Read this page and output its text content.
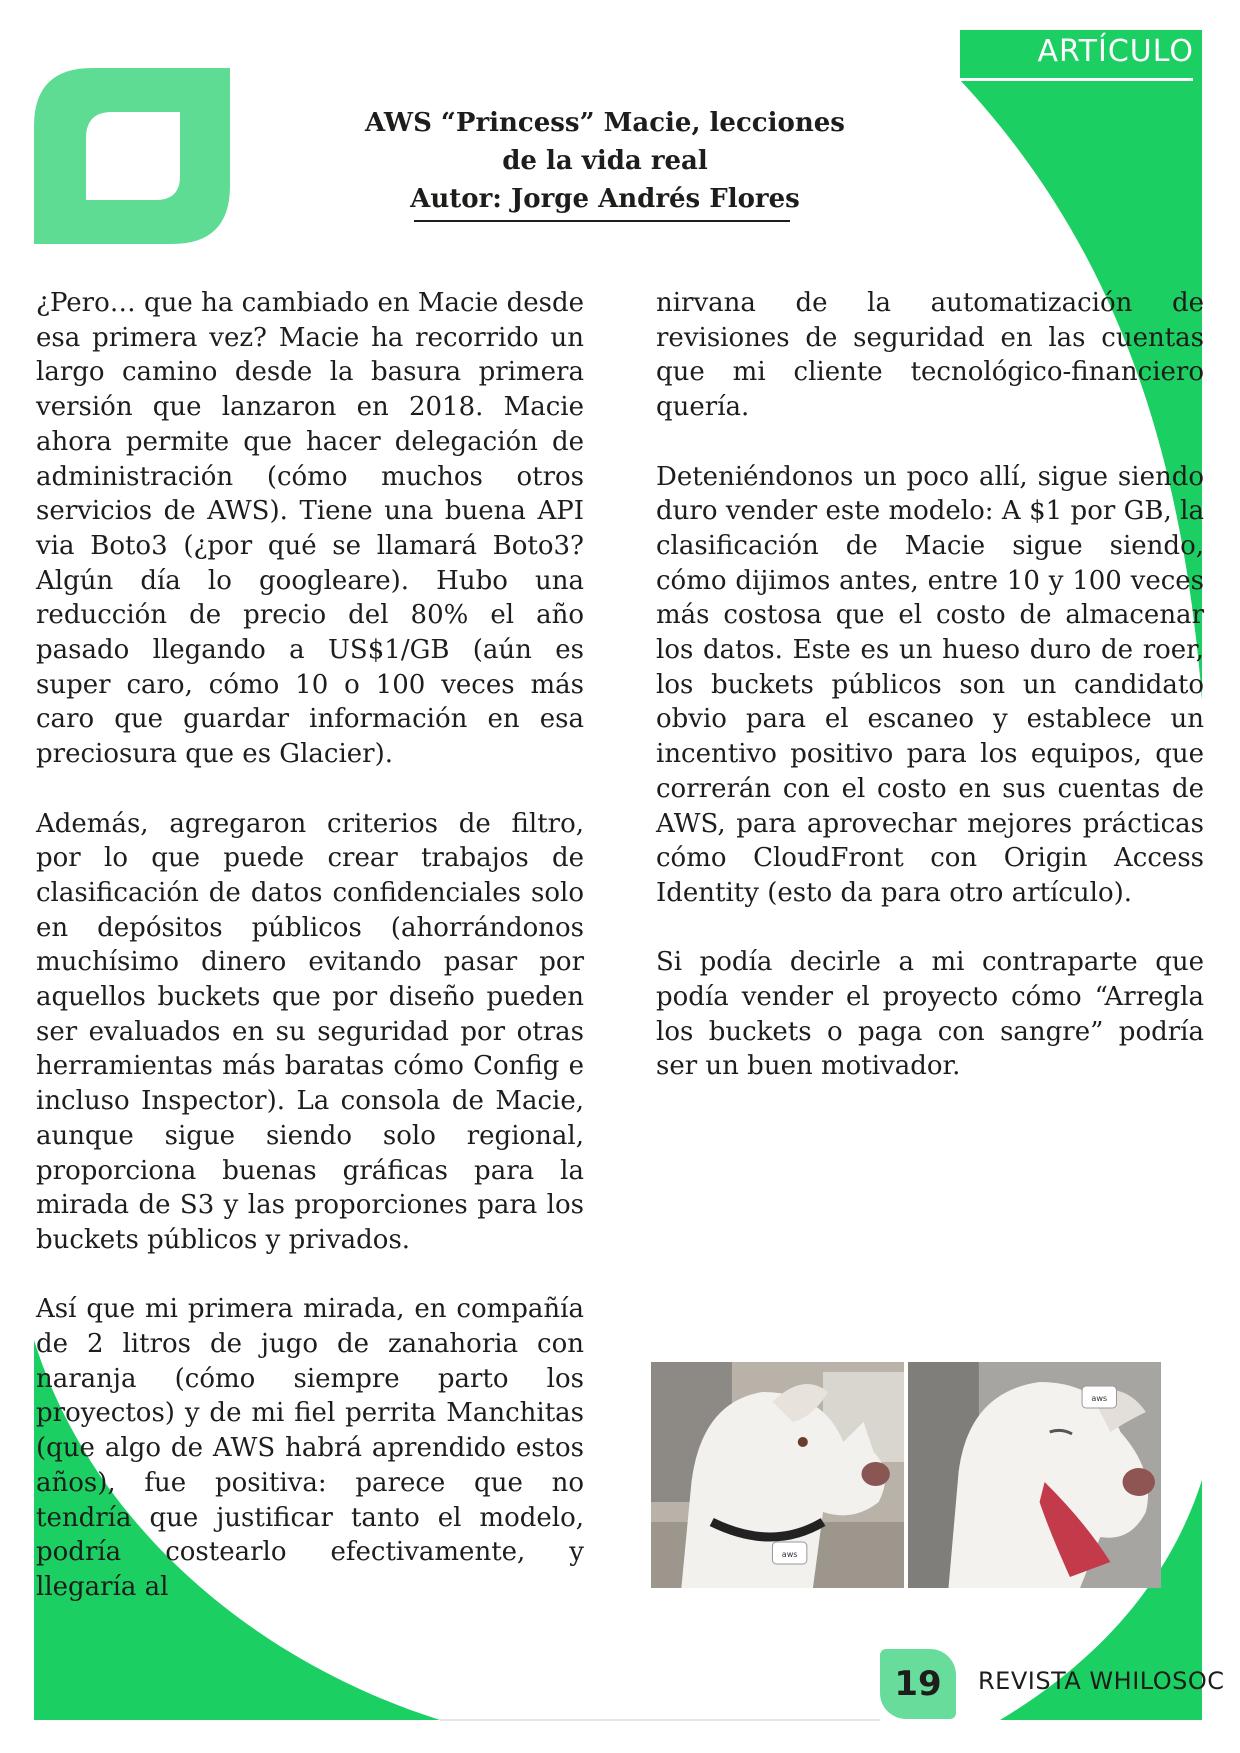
ARTÍCULO
AWS “Princess” Macie, lecciones
de la vida real
Autor: Jorge Andrés Flores

¿Pero… que ha cambiado en Macie desde esa primera vez? Macie ha recorrido un largo camino desde la basura primera versión que lanzaron en 2018. Macie ahora permite que hacer delegación de administración (cómo muchos otros servicios de AWS). Tiene una buena API via Boto3 (¿por qué se llamará Boto3? Algún día lo googleare). Hubo una reducción de precio del 80% el año pasado llegando a US$1/GB (aún es super caro, cómo 10 o 100 veces más caro que guardar información en esa preciosura que es Glacier).

Además, agregaron criterios de filtro, por lo que puede crear trabajos de clasificación de datos confidenciales solo en depósitos públicos (ahorrándonos muchísimo dinero evitando pasar por aquellos buckets que por diseño pueden ser evaluados en su seguridad por otras herramientas más baratas cómo Config e incluso Inspector). La consola de Macie, aunque sigue siendo solo regional, proporciona buenas gráficas para la mirada de S3 y las proporciones para los buckets públicos y privados.

Así que mi primera mirada, en compañía de 2 litros de jugo de zanahoria con naranja (cómo siempre parto los proyectos) y de mi fiel perrita Manchitas (que algo de AWS habrá aprendido estos años), fue positiva: parece que no tendría que justificar tanto el modelo, podría costearlo efectivamente, y llegaría al

nirvana de la automatización de revisiones de seguridad en las cuentas que mi cliente tecnológico-financiero quería.

Deteniéndonos un poco allí, sigue siendo duro vender este modelo: A $1 por GB, la clasificación de Macie sigue siendo, cómo dijimos antes, entre 10 y 100 veces más costosa que el costo de almacenar los datos. Este es un hueso duro de roer, los buckets públicos son un candidato obvio para el escaneo y establece un incentivo positivo para los equipos, que correrán con el costo en sus cuentas de AWS, para aprovechar mejores prácticas cómo CloudFront con Origin Access Identity (esto da para otro artículo).

Si podía decirle a mi contraparte que podía vender el proyecto cómo “Arregla los buckets o paga con sangre” podría ser un buen motivador.

aws
aws
19 REVISTA WHILOSOC
